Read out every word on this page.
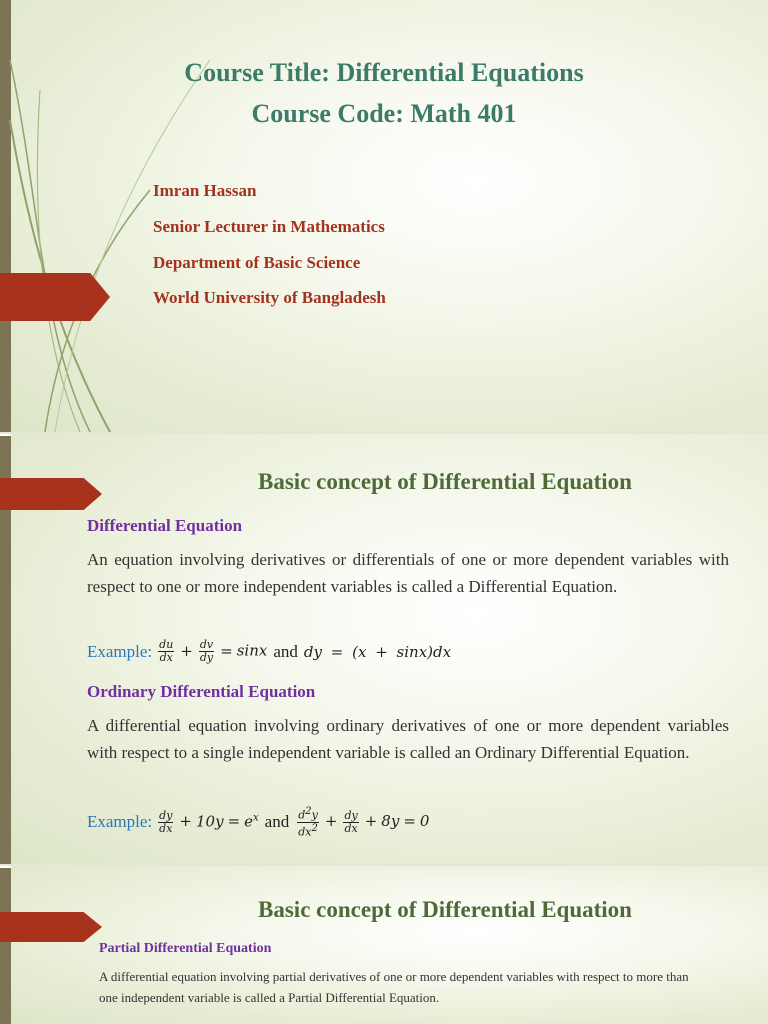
Course Title: Differential Equations
Course Code: Math 401

Imran Hassan

Senior Lecturer in Mathematics

Department of Basic Science

World University of Bangladesh

Basic concept of Differential Equation

Differential Equation

An equation involving derivatives or differentials of one or more dependent variables with respect to one or more independent variables is called a Differential Equation.

Example: $\frac{du}{dx} + \frac{dv}{dy} = \sin x$ and dy = (x + sinx)dx

Ordinary Differential Equation

A differential equation involving ordinary derivatives of one or more dependent variables with respect to a single independent variable is called an Ordinary Differential Equation.

Example: $\frac{dy}{dx} + 10y = e^x$ and $\frac{d^2y}{dx^2} + \frac{dy}{dx} + 8y = 0$
Basic concept of Differential Equation

Partial Differential Equation

A differential equation involving partial derivatives of one or more dependent variables with respect to more than one independent variable is called a Partial Differential Equation.
